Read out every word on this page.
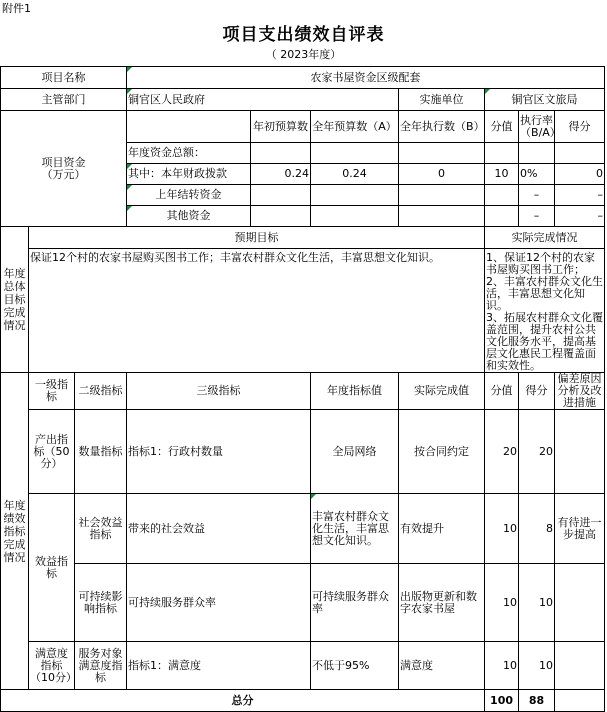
附件1
项目支出绩效自评表
（ 2023年度）
项目名称			农家书屋资金区级配套						
主管部门			铜官区人民政府			实施单位	铜官区文旅局		
项目资金
（万元）				年初预算数	全年预算数（A）	全年执行数（B）	分值	执行率（B/A）	得分
			年度资金总额：						
			其中：本年财政拨款	0.24	0.24	0	10	0%	0
			上年结转资金					–	–
			其他资金					–	–

年度总体目标完成情况	预期目标						实际完成情况		
	保证12个村的农家书屋购买图书工作；丰富农村群众文化生活，丰富思想文化知识。						1、保证12个村的农家书屋购买图书工作；
2、丰富农村群众文化生活，丰富思想文化知识。
3、拓展农村群众文化覆盖范围，提升农村公共文化服务水平，提高基层文化惠民工程覆盖面和实效性。		

年度绩效指标完成情况	一级指标	二级指标	三级指标		年度指标值	实际完成值	分值	得分	偏差原因分析及改进措施
	产出指标（50分）	数量指标	指标1：行政村数量		全局网络	按合同约定	20	20	
	效益指标	社会效益指标	带来的社会效益		丰富农村群众文化生活，丰富思想文化知识。	有效提升	10	8	有待进一步提高
		可持续影响指标	可持续服务群众率		可持续服务群众率	出版物更新和数字农家书屋	10	10	
	满意度指标（10分）	服务对象满意度指标	指标1：满意度		不低于95%	满意度	10	10	
总分							100	88	
